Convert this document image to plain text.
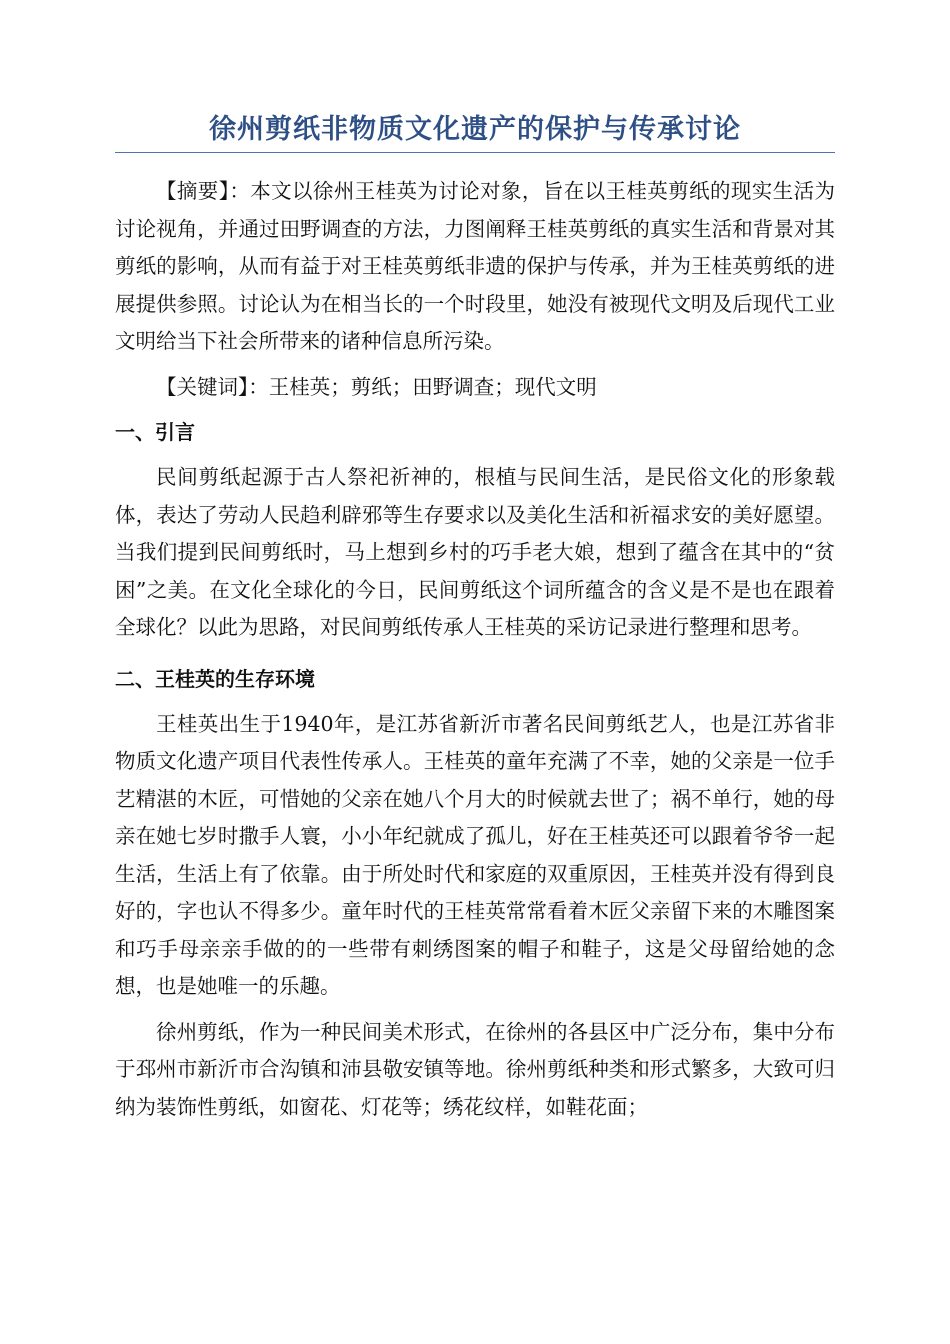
徐州剪纸非物质文化遗产的保护与传承讨论

【摘要】：本文以徐州王桂英为讨论对象，旨在以王桂英剪纸的现实生活为讨论视角，并通过田野调查的方法，力图阐释王桂英剪纸的真实生活和背景对其剪纸的影响，从而有益于对王桂英剪纸非遗的保护与传承，并为王桂英剪纸的进展提供参照。讨论认为在相当长的一个时段里，她没有被现代文明及后现代工业文明给当下社会所带来的诸种信息所污染。

【关键词】：王桂英；剪纸；田野调查；现代文明

一、引言

民间剪纸起源于古人祭祀祈神的，根植与民间生活，是民俗文化的形象载体，表达了劳动人民趋利辟邪等生存要求以及美化生活和祈福求安的美好愿望。当我们提到民间剪纸时，马上想到乡村的巧手老大娘，想到了蕴含在其中的“贫困”之美。在文化全球化的今日，民间剪纸这个词所蕴含的含义是不是也在跟着全球化？以此为思路，对民间剪纸传承人王桂英的采访记录进行整理和思考。

二、王桂英的生存环境

王桂英出生于1940年，是江苏省新沂市著名民间剪纸艺人，也是江苏省非物质文化遗产项目代表性传承人。王桂英的童年充满了不幸，她的父亲是一位手艺精湛的木匠，可惜她的父亲在她八个月大的时候就去世了；祸不单行，她的母亲在她七岁时撒手人寰，小小年纪就成了孤儿，好在王桂英还可以跟着爷爷一起生活，生活上有了依靠。由于所处时代和家庭的双重原因，王桂英并没有得到良好的，字也认不得多少。童年时代的王桂英常常看着木匠父亲留下来的木雕图案和巧手母亲亲手做的的一些带有刺绣图案的帽子和鞋子，这是父母留给她的念想，也是她唯一的乐趣。

徐州剪纸，作为一种民间美术形式，在徐州的各县区中广泛分布，集中分布于邳州市新沂市合沟镇和沛县敬安镇等地。徐州剪纸种类和形式繁多，大致可归纳为装饰性剪纸，如窗花、灯花等；绣花纹样，如鞋花面；
